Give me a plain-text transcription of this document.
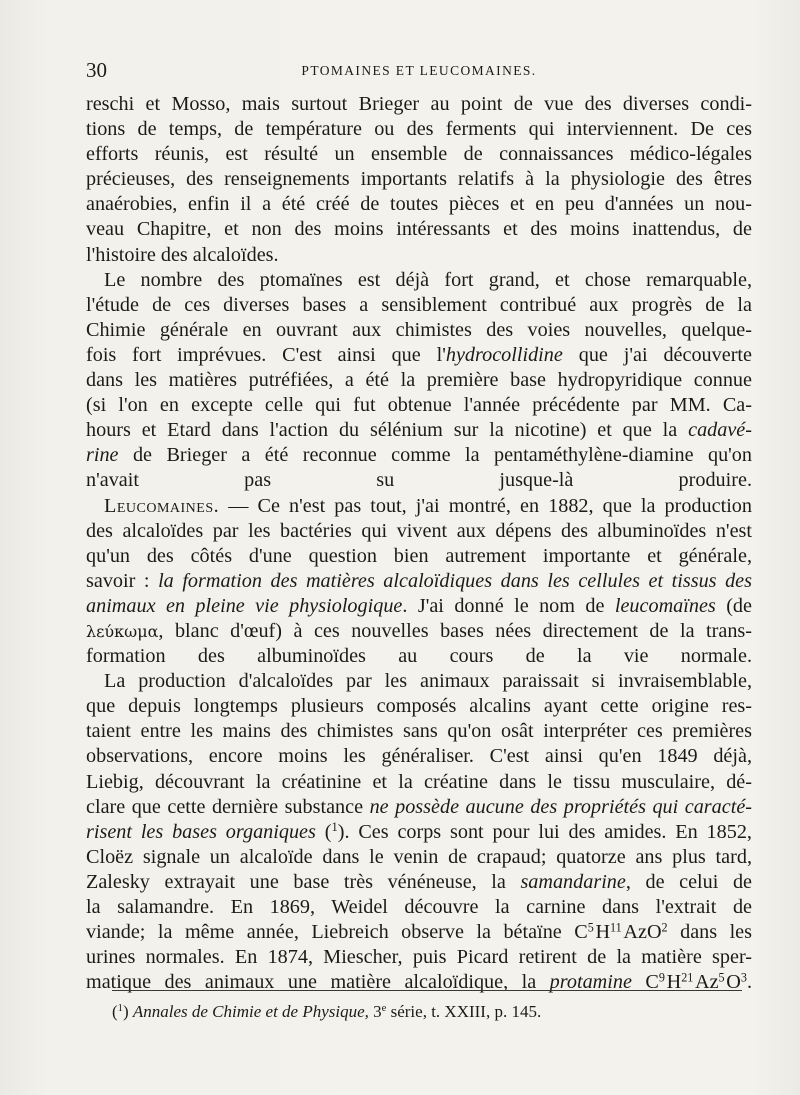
30	PTOMAINES ET LEUCOMAINES.

reschi et Mosso, mais surtout Brieger au point de vue des diverses condi-
tions de temps, de température ou des ferments qui interviennent. De ces
efforts réunis, est résulté un ensemble de connaissances médico-légales
précieuses, des renseignements importants relatifs à la physiologie des êtres
anaérobies, enfin il a été créé de toutes pièces et en peu d'années un nou-
veau Chapitre, et non des moins intéressants et des moins inattendus, de
l'histoire des alcaloïdes.

Le nombre des ptomaïnes est déjà fort grand, et chose remarquable,
l'étude de ces diverses bases a sensiblement contribué aux progrès de la
Chimie générale en ouvrant aux chimistes des voies nouvelles, quelque-
fois fort imprévues. C'est ainsi que l'hydrocollidine que j'ai découverte
dans les matières putréfiées, a été la première base hydropyridique connue
(si l'on en excepte celle qui fut obtenue l'année précédente par MM. Ca-
hours et Etard dans l'action du sélénium sur la nicotine) et que la cadavé-
rine de Brieger a été reconnue comme la pentaméthylène-diamine qu'on
n'avait pas su jusque-là produire.

Leucomaines. — Ce n'est pas tout, j'ai montré, en 1882, que la production
des alcaloïdes par les bactéries qui vivent aux dépens des albuminoïdes n'est
qu'un des côtés d'une question bien autrement importante et générale,
savoir : la formation des matières alcaloïdiques dans les cellules et tissus des
animaux en pleine vie physiologique. J'ai donné le nom de leucomaïnes (de
λεύκωμα, blanc d'œuf) à ces nouvelles bases nées directement de la trans-
formation des albuminoïdes au cours de la vie normale.

La production d'alcaloïdes par les animaux paraissait si invraisemblable,
que depuis longtemps plusieurs composés alcalins ayant cette origine res-
taient entre les mains des chimistes sans qu'on osât interpréter ces premières
observations, encore moins les généraliser. C'est ainsi qu'en 1849 déjà,
Liebig, découvrant la créatinine et la créatine dans le tissu musculaire, dé-
clare que cette dernière substance ne possède aucune des propriétés qui caracté-
risent les bases organiques ($^1$). Ces corps sont pour lui des amides. En 1852,
Cloëz signale un alcaloïde dans le venin de crapaud; quatorze ans plus tard,
Zalesky extrayait une base très vénéneuse, la samandarine, de celui de
la salamandre. En 1869, Weidel découvre la carnine dans l'extrait de
viande; la même année, Liebreich observe la bétaïne $C^5$ $H^{11}$ AzO$^2$ dans les
urines normales. En 1874, Miescher, puis Picard retirent de la matière sper-
matique des animaux une matière alcaloïdique, la protamine $C^9$ $H^{21}$ Az$^5$ $O^3$.

($^1$) Annales de Chimie et de Physique, 3e série, t. XXIII, p. 145.
